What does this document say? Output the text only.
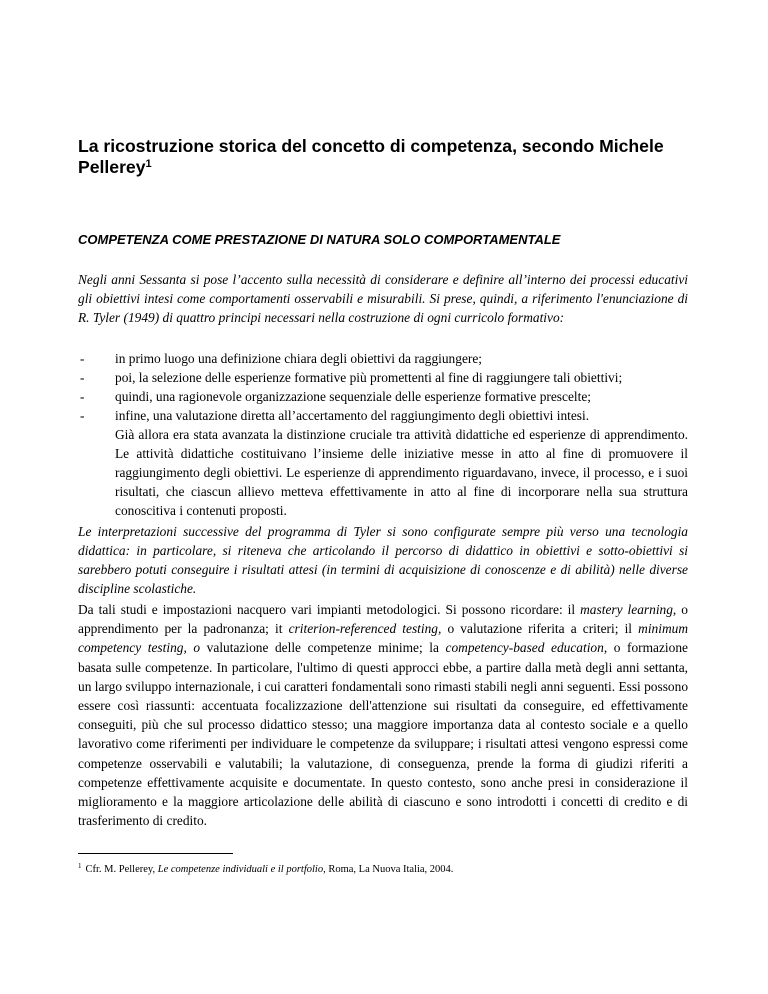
La ricostruzione storica del concetto di competenza, secondo Michele Pellerey$^1$
COMPETENZA COME PRESTAZIONE DI NATURA SOLO COMPORTAMENTALE

Negli anni Sessanta si pose l’accento sulla necessità di considerare e definire all’interno dei processi educativi gli obiettivi intesi come comportamenti osservabili e misurabili. Si prese, quindi, a riferimento l'enunciazione di R. Tyler (1949) di quattro principi necessari nella costruzione di ogni curricolo formativo:

- in primo luogo una definizione chiara degli obiettivi da raggiungere;
- poi, la selezione delle esperienze formative più promettenti al fine di raggiungere tali obiettivi;
- quindi, una ragionevole organizzazione sequenziale delle esperienze formative prescelte;
- infine, una valutazione diretta all’accertamento del raggiungimento degli obiettivi intesi.

Già allora era stata avanzata la distinzione cruciale tra attività didattiche ed esperienze di apprendimento. Le attività didattiche costituivano l’insieme delle iniziative messe in atto al fine di promuovere il raggiungimento degli obiettivi. Le esperienze di apprendimento riguardavano, invece, il processo, e i suoi risultati, che ciascun allievo metteva effettivamente in atto al fine di incorporare nella sua struttura conoscitiva i contenuti proposti.

Le interpretazioni successive del programma di Tyler si sono configurate sempre più verso una tecnologia didattica: in particolare, si riteneva che articolando il percorso di didattico in obiettivi e sotto-obiettivi si sarebbero potuti conseguire i risultati attesi (in termini di acquisizione di conoscenze e di abilità) nelle diverse discipline scolastiche.

Da tali studi e impostazioni nacquero vari impianti metodologici. Si possono ricordare: il mastery learning, o apprendimento per la padronanza; it criterion-referenced testing, o valutazione riferita a criteri; il minimum competency testing, o valutazione delle competenze minime; la competency-based education, o formazione basata sulle competenze. In particolare, l'ultimo di questi approcci ebbe, a partire dalla metà degli anni settanta, un largo sviluppo internazionale, i cui caratteri fondamentali sono rimasti stabili negli anni seguenti. Essi possono essere così riassunti: accentuata focalizzazione dell'attenzione sui risultati da conseguire, ed effettivamente conseguiti, più che sul processo didattico stesso; una maggiore importanza data al contesto sociale e a quello lavorativo come riferimenti per individuare le competenze da sviluppare; i risultati attesi vengono espressi come competenze osservabili e valutabili; la valutazione, di conseguenza, prende la forma di giudizi riferiti a competenze effettivamente acquisite e documentate. In questo contesto, sono anche presi in considerazione il miglioramento e la maggiore articolazione delle abilità di ciascuno e sono introdotti i concetti di credito e di trasferimento di credito.

$^1$ Cfr. M. Pellerey, Le competenze individuali e il portfolio, Roma, La Nuova Italia, 2004.
